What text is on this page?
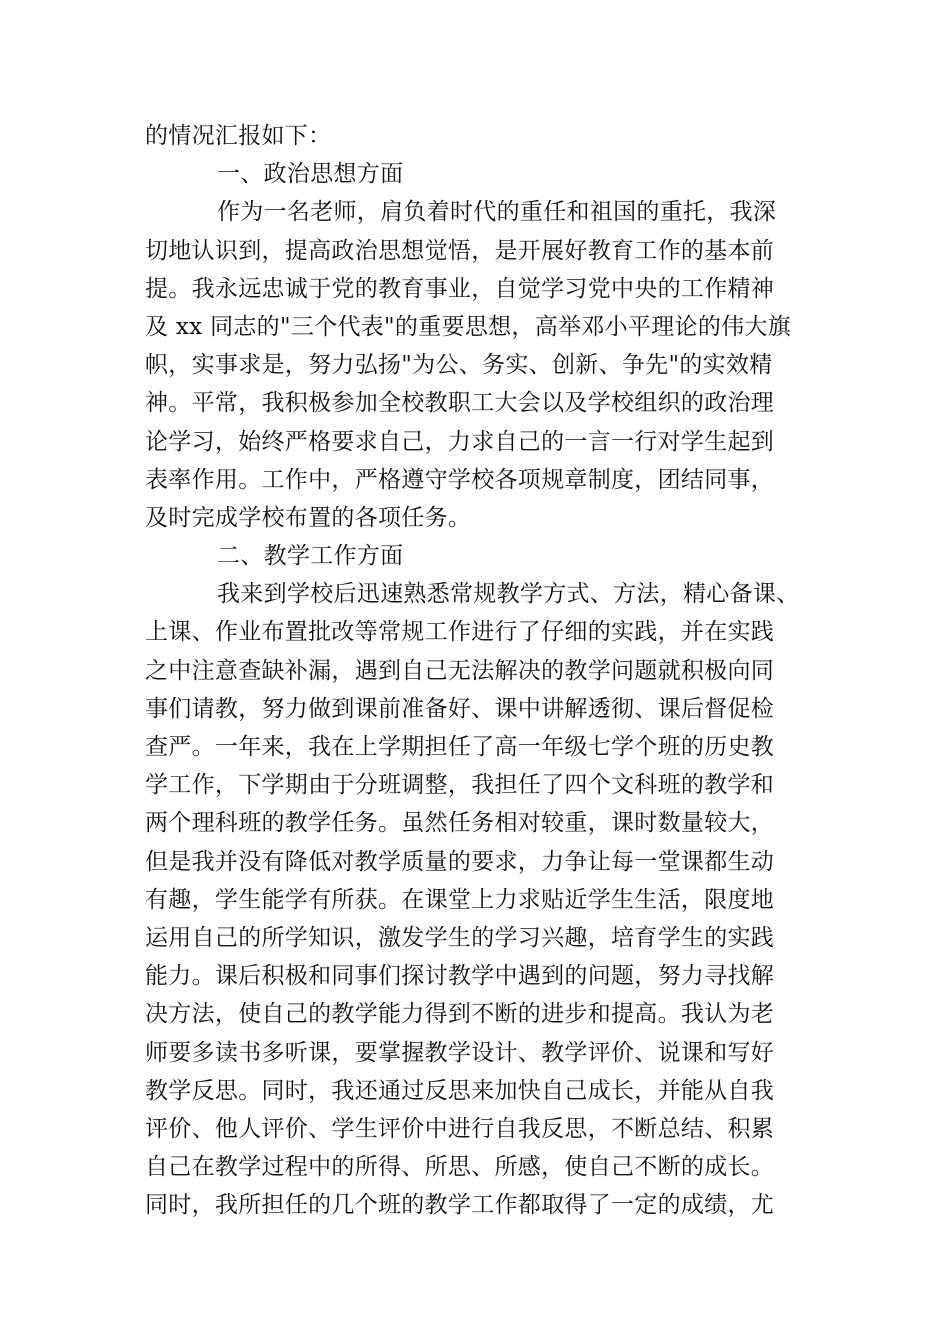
的情况汇报如下：
一、政治思想方面
作为一名老师，肩负着时代的重任和祖国的重托，我深
切地认识到，提高政治思想觉悟，是开展好教育工作的基本前
提。我永远忠诚于党的教育事业，自觉学习党中央的工作精神
及 xx 同志的"三个代表"的重要思想，高举邓小平理论的伟大旗
帜，实事求是，努力弘扬"为公、务实、创新、争先"的实效精
神。平常，我积极参加全校教职工大会以及学校组织的政治理
论学习，始终严格要求自己，力求自己的一言一行对学生起到
表率作用。工作中，严格遵守学校各项规章制度，团结同事，
及时完成学校布置的各项任务。
二、教学工作方面
我来到学校后迅速熟悉常规教学方式、方法，精心备课、
上课、作业布置批改等常规工作进行了仔细的实践，并在实践
之中注意查缺补漏，遇到自己无法解决的教学问题就积极向同
事们请教，努力做到课前准备好、课中讲解透彻、课后督促检
查严。一年来，我在上学期担任了高一年级七学个班的历史教
学工作，下学期由于分班调整，我担任了四个文科班的教学和
两个理科班的教学任务。虽然任务相对较重，课时数量较大，
但是我并没有降低对教学质量的要求，力争让每一堂课都生动
有趣，学生能学有所获。在课堂上力求贴近学生生活，限度地
运用自己的所学知识，激发学生的学习兴趣，培育学生的实践
能力。课后积极和同事们探讨教学中遇到的问题，努力寻找解
决方法，使自己的教学能力得到不断的进步和提高。我认为老
师要多读书多听课，要掌握教学设计、教学评价、说课和写好
教学反思。同时，我还通过反思来加快自己成长，并能从自我
评价、他人评价、学生评价中进行自我反思，不断总结、积累
自己在教学过程中的所得、所思、所感，使自己不断的成长。
同时，我所担任的几个班的教学工作都取得了一定的成绩，尤
